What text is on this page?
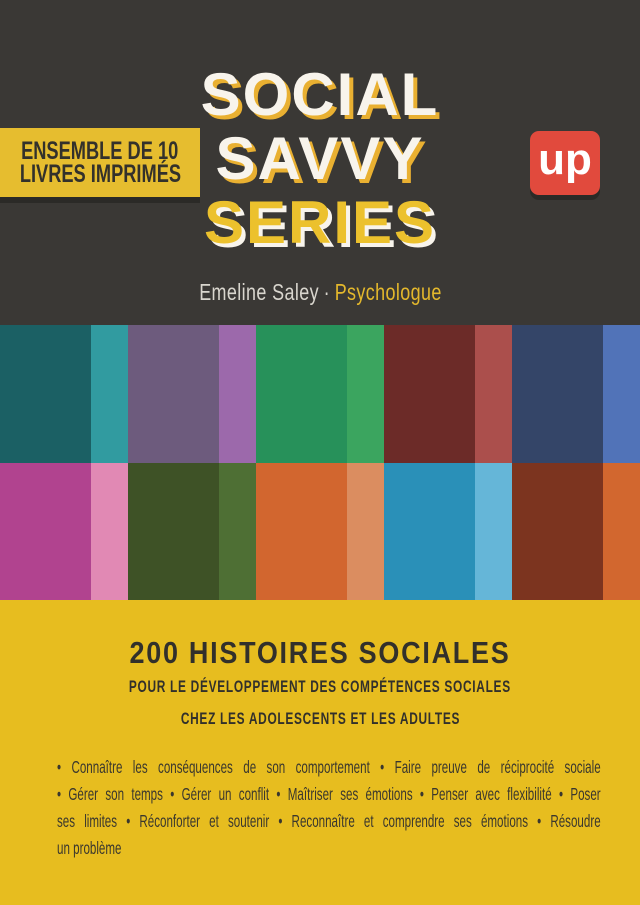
ENSEMBLE DE 10
LIVRES IMPRIMÉS
SOCIAL
SAVVY
SERIES
up
Emeline Saley · Psychologue
200 HISTOIRES SOCIALES
POUR LE DÉVELOPPEMENT DES COMPÉTENCES SOCIALES
CHEZ LES ADOLESCENTS ET LES ADULTES
• Connaître les conséquences de son comportement • Faire preuve de réciprocité sociale
• Gérer son temps • Gérer un conflit • Maîtriser ses émotions • Penser avec flexibilité • Poser
ses limites • Réconforter et soutenir • Reconnaître et comprendre ses émotions • Résoudre
un problème
